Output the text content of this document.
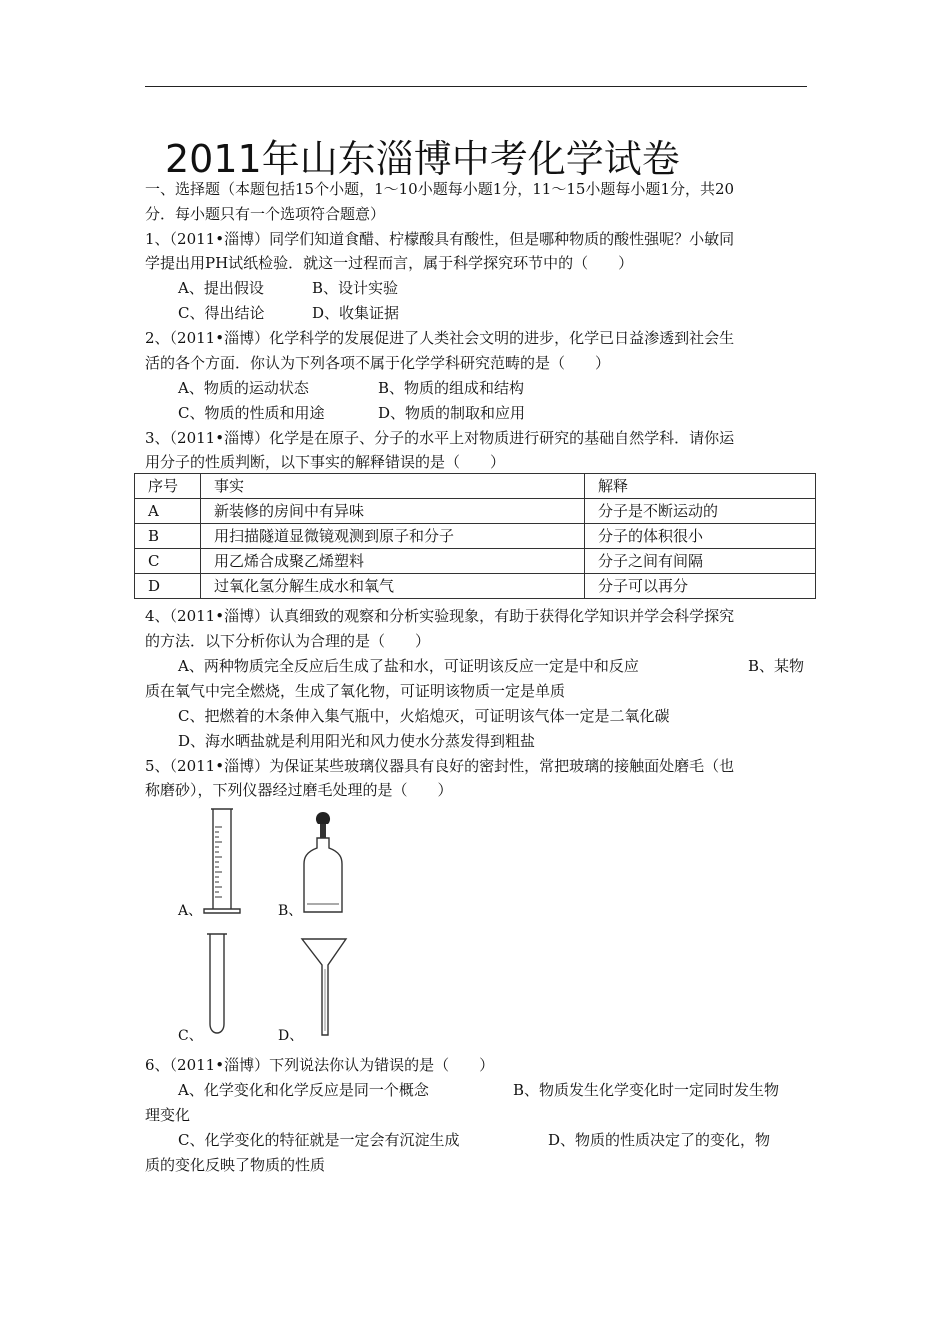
2011年山东淄博中考化学试卷
一、选择题（本题包括15个小题，1～10小题每小题1分，11～15小题每小题1分，共20
分．每小题只有一个选项符合题意）
1、（2011•淄博）同学们知道食醋、柠檬酸具有酸性，但是哪种物质的酸性强呢？小敏同
学提出用PH试纸检验．就这一过程而言，属于科学探究环节中的（　　）
A、提出假设	B、设计实验
C、得出结论	D、收集证据
2、（2011•淄博）化学科学的发展促进了人类社会文明的进步，化学已日益渗透到社会生
活的各个方面．你认为下列各项不属于化学学科研究范畴的是（　　）
A、物质的运动状态	B、物质的组成和结构
C、物质的性质和用途	D、物质的制取和应用
3、（2011•淄博）化学是在原子、分子的水平上对物质进行研究的基础自然学科．请你运
用分子的性质判断，以下事实的解释错误的是（　　）
序号	事实	解释
A	新装修的房间中有异味	分子是不断运动的
B	用扫描隧道显微镜观测到原子和分子	分子的体积很小
C	用乙烯合成聚乙烯塑料	分子之间有间隔
D	过氧化氢分解生成水和氧气	分子可以再分
4、（2011•淄博）认真细致的观察和分析实验现象，有助于获得化学知识并学会科学探究
的方法．以下分析你认为合理的是（　　）
A、两种物质完全反应后生成了盐和水，可证明该反应一定是中和反应	B、某物
质在氧气中完全燃烧，生成了氧化物，可证明该物质一定是单质
C、把燃着的木条伸入集气瓶中，火焰熄灭，可证明该气体一定是二氧化碳
D、海水晒盐就是利用阳光和风力使水分蒸发得到粗盐
5、（2011•淄博）为保证某些玻璃仪器具有良好的密封性，常把玻璃的接触面处磨毛（也
称磨砂），下列仪器经过磨毛处理的是（　　）
A、	B、
C、	D、
6、（2011•淄博）下列说法你认为错误的是（　　）
A、化学变化和化学反应是同一个概念	B、物质发生化学变化时一定同时发生物
理变化
C、化学变化的特征就是一定会有沉淀生成	D、物质的性质决定了的变化，物
质的变化反映了物质的性质
